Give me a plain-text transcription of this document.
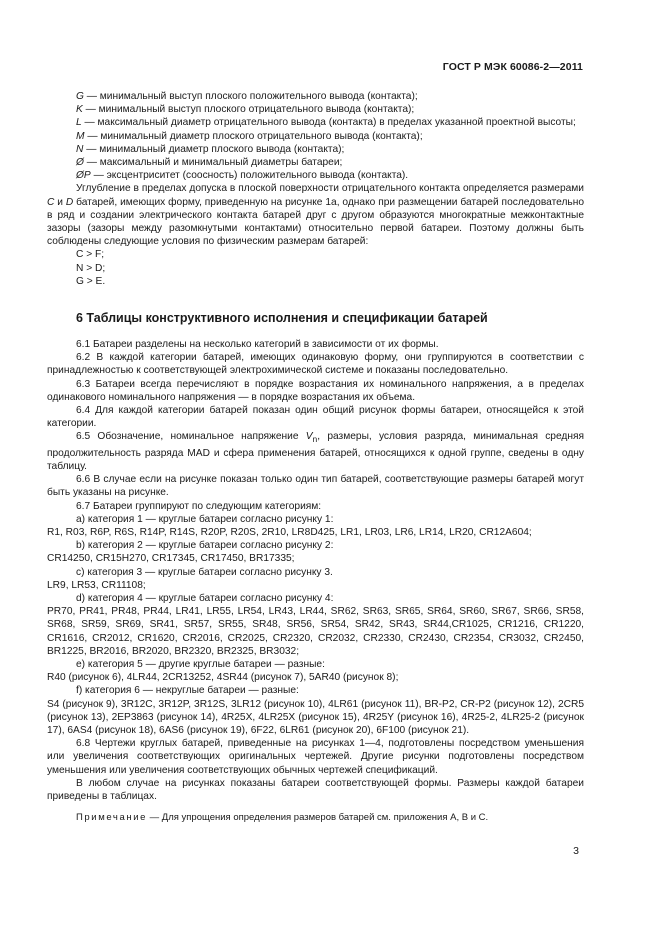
ГОСТ Р МЭК 60086-2—2011

G — минимальный выступ плоского положительного вывода (контакта);

K — минимальный выступ плоского отрицательного вывода (контакта);

L — максимальный диаметр отрицательного вывода (контакта) в пределах указанной проектной высоты;

M — минимальный диаметр плоского отрицательного вывода (контакта);

N — минимальный диаметр плоского вывода (контакта);

Ø — максимальный и минимальный диаметры батареи;

ØP — эксцентриситет (соосность) положительного вывода (контакта).

Углубление в пределах допуска в плоской поверхности отрицательного контакта определяется размерами C и D батарей, имеющих форму, приведенную на рисунке 1а, однако при размещении батарей последовательно в ряд и создании электрического контакта батарей друг с другом образуются многократные межконтактные зазоры (зазоры между разомкнутыми контактами) относительно первой батареи. Поэтому должны быть соблюдены следующие условия по физическим размерам батарей:

C > F;

N > D;

G > E.

6 Таблицы конструктивного исполнения и спецификации батарей

6.1 Батареи разделены на несколько категорий в зависимости от их формы.

6.2 В каждой категории батарей, имеющих одинаковую форму, они группируются в соответствии с принадлежностью к соответствующей электрохимической системе и показаны последовательно.

6.3 Батареи всегда перечисляют в порядке возрастания их номинального напряжения, а в пределах одинакового номинального напряжения — в порядке возрастания их объема.

6.4 Для каждой категории батарей показан один общий рисунок формы батареи, относящейся к этой категории.

6.5 Обозначение, номинальное напряжение $V_n$, размеры, условия разряда, минимальная средняя продолжительность разряда MAD и сфера применения батарей, относящихся к одной группе, сведены в одну таблицу.

6.6 В случае если на рисунке показан только один тип батарей, соответствующие размеры батарей могут быть указаны на рисунке.

6.7 Батареи группируют по следующим категориям:

a) категория 1 — круглые батареи согласно рисунку 1:

R1, R03, R6P, R6S, R14P, R14S, R20P, R20S, 2R10, LR8D425, LR1, LR03, LR6, LR14, LR20, CR12A604;

b) категория 2 — круглые батареи согласно рисунку 2:

CR14250, CR15H270, CR17345, CR17450, BR17335;

c) категория 3 — круглые батареи согласно рисунку 3.

LR9, LR53, CR11108;

d) категория 4 — круглые батареи согласно рисунку 4:

PR70, PR41, PR48, PR44, LR41, LR55, LR54, LR43, LR44, SR62, SR63, SR65, SR64, SR60, SR67, SR66, SR58, SR68, SR59, SR69, SR41, SR57, SR55, SR48, SR56, SR54, SR42, SR43, SR44,CR1025, CR1216, CR1220, CR1616, CR2012, CR1620, CR2016, CR2025, CR2320, CR2032, CR2330, CR2430, CR2354, CR3032, CR2450, BR1225, BR2016, BR2020, BR2320, BR2325, BR3032;

e) категория 5 — другие круглые батареи — разные:

R40 (рисунок 6), 4LR44, 2CR13252, 4SR44 (рисунок 7), 5AR40 (рисунок 8);

f) категория 6 — некруглые батареи — разные:

S4 (рисунок 9), 3R12C, 3R12P, 3R12S, 3LR12 (рисунок 10), 4LR61 (рисунок 11), BR-P2, CR-P2 (рисунок 12), 2CR5 (рисунок 13), 2EP3863 (рисунок 14), 4R25X, 4LR25X (рисунок 15), 4R25Y (рисунок 16), 4R25-2, 4LR25-2 (рисунок 17), 6AS4 (рисунок 18), 6AS6 (рисунок 19), 6F22, 6LR61 (рисунок 20), 6F100 (рисунок 21).

6.8 Чертежи круглых батарей, приведенные на рисунках 1—4, подготовлены посредством уменьшения или увеличения соответствующих оригинальных чертежей. Другие рисунки подготовлены посредством уменьшения или увеличения соответствующих обычных чертежей спецификаций.

В любом случае на рисунках показаны батареи соответствующей формы. Размеры каждой батареи приведены в таблицах.

Примечание — Для упрощения определения размеров батарей см. приложения А, В и С.

3
